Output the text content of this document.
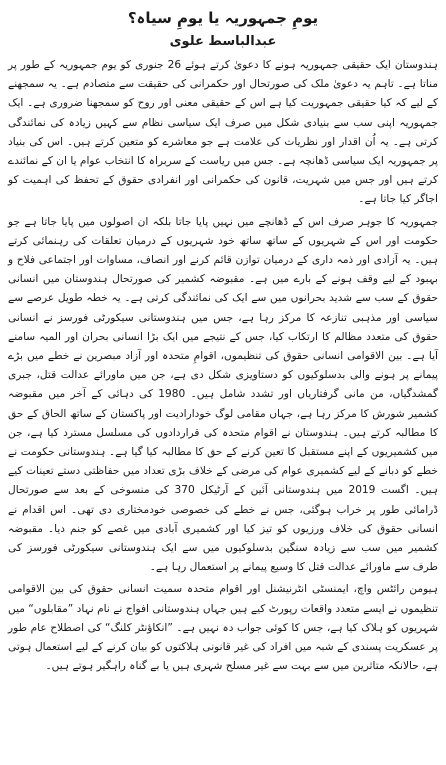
یومِ جمہوریہ یا یومِ سیاہ؟
عبدالباسط علوی

ہندوستان ایک حقیقی جمہوریہ ہونے کا دعویٰ کرتے ہوئے 26 جنوری کو یوم جمہوریہ کے طور پر مناتا ہے۔ تاہم یہ دعویٰ ملک کی صورتحال اور حکمرانی کی حقیقت سے متصادم ہے۔ یہ سمجھنے کے لیے کہ کیا حقیقی جمہوریت کیا ہے اس کے حقیقی معنی اور روح کو سمجھنا ضروری ہے۔ ایک جمہوریہ اپنی سب سے بنیادی شکل میں صرف ایک سیاسی نظام سے کہیں زیادہ کی نمائندگی کرتی ہے۔ یہ اُن اقدار اور نظریات کی علامت ہے جو معاشرے کو متعین کرتے ہیں۔ اس کی بنیاد پر جمہوریہ ایک سیاسی ڈھانچہ ہے۔ جس میں ریاست کے سربراہ کا انتخاب عوام یا ان کے نمائندے کرتے ہیں اور جس میں شہریت، قانون کی حکمرانی اور انفرادی حقوق کے تحفظ کی اہمیت کو اجاگر کیا جاتا ہے۔

جمہوریہ کا جوہر صرف اس کے ڈھانچے میں نہیں پایا جاتا بلکہ ان اصولوں میں پایا جاتا ہے جو حکومت اور اس کے شہریوں کے ساتھ ساتھ خود شہریوں کے درمیان تعلقات کی رہنمائی کرتے ہیں۔ یہ آزادی اور ذمہ داری کے درمیان توازن قائم کرنے اور انصاف، مساوات اور اجتماعی فلاح و بہبود کے لیے وقف ہونے کے بارے میں ہے۔ مقبوضہ کشمیر کی صورتحال ہندوستان میں انسانی حقوق کے سب سے شدید بحرانوں میں سے ایک کی نمائندگی کرتی ہے۔ یہ خطہ طویل عرصے سے سیاسی اور مذہبی تنازعہ کا مرکز رہا ہے، جس میں ہندوستانی سیکورٹی فورسز نے انسانی حقوق کی متعدد مظالم کا ارتکاب کیا، جس کے نتیجے میں ایک بڑا انسانی بحران اور المیہ سامنے آیا ہے۔ بین الاقوامی انسانی حقوق کی تنظیموں، اقوامِ متحدہ اور آزاد مبصرین نے خطے میں بڑے پیمانے پر ہونے والی بدسلوکیوں کو دستاویزی شکل دی ہے، جن میں ماورائے عدالت قتل، جبری گمشدگیاں، من مانی گرفتاریاں اور تشدد شامل ہیں۔ 1980 کی دہائی کے آخر میں مقبوضہ کشمیر شورش کا مرکز رہا ہے، جہاں مقامی لوگ خودارادیت اور پاکستان کے ساتھ الحاق کے حق کا مطالبہ کرتے ہیں۔ ہندوستان نے اقوام متحدہ کی قراردادوں کی مسلسل مسترد کیا ہے، جن میں کشمیریوں کے اپنے مستقبل کا تعین کرنے کے حق کا مطالبہ کیا گیا ہے۔ ہندوستانی حکومت نے خطے کو دبانے کے لیے کشمیری عوام کی مرضی کے خلاف بڑی تعداد میں حفاظتی دستے تعینات کیے ہیں۔ اگست 2019 میں ہندوستانی آئین کے آرٹیکل 370 کی منسوخی کے بعد سے صورتحال ڈرامائی طور پر خراب ہوگئی، جس نے خطے کی خصوصی خودمختاری دی تھی۔ اس اقدام نے انسانی حقوق کی خلاف ورزیوں کو تیز کیا اور کشمیری آبادی میں غصے کو جنم دیا۔ مقبوضہ کشمیر میں سب سے زیادہ سنگین بدسلوکیوں میں سے ایک ہندوستانی سیکورٹی فورسز کی طرف سے ماورائے عدالت قتل کا وسیع پیمانے پر استعمال رہا ہے۔

ہیومن رائٹس واچ، ایمنسٹی انٹرنیشنل اور اقوام متحدہ سمیت انسانی حقوق کی بین الاقوامی تنظیموں نے ایسے متعدد واقعات رپورٹ کیے ہیں جہاں ہندوستانی افواج نے نام نہاد ”مقابلوں“ میں شہریوں کو ہلاک کیا ہے، جس کا کوئی جواب دہ نہیں ہے۔ ”انکاؤنٹر کلنگ“ کی اصطلاح عام طور پر عسکریت پسندی کے شبہ میں افراد کی غیر قانونی ہلاکتوں کو بیان کرنے کے لیے استعمال ہوتی ہے، حالانکہ متاثرین میں سے بہت سے غیر مسلح شہری ہیں یا بے گناہ راہگیر ہوتے ہیں۔
